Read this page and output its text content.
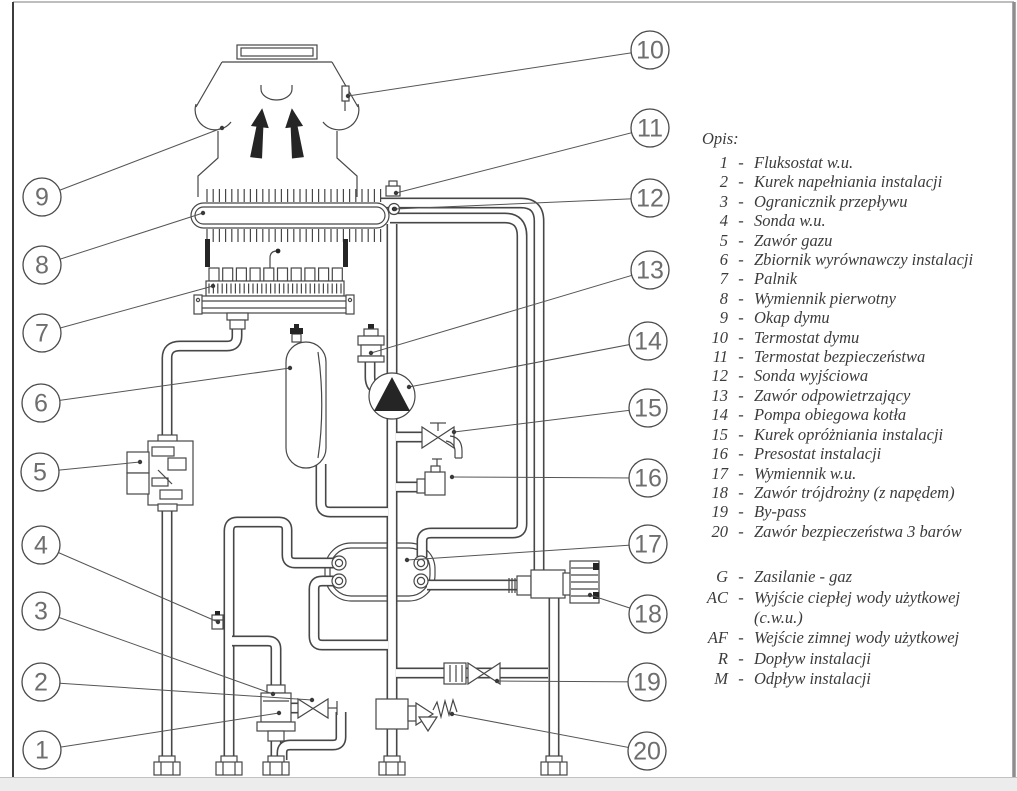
1
2
3
4
5
6
7
8
9
10
11
12
13
14
15
16
17
18
19
20
Opis:
1 - Fluksostat w.u.
2 - Kurek napełniania instalacji
3 - Ogranicznik przepływu
4 - Sonda w.u.
5 - Zawór gazu
6 - Zbiornik wyrównawczy instalacji
7 - Palnik
8 - Wymiennik pierwotny
9 - Okap dymu
10 - Termostat dymu
11 - Termostat bezpieczeństwa
12 - Sonda wyjściowa
13 - Zawór odpowietrzający
14 - Pompa obiegowa kotła
15 - Kurek opróżniania instalacji
16 - Presostat instalacji
17 - Wymiennik w.u.
18 - Zawór trójdrożny (z napędem)
19 - By-pass
20 - Zawór bezpieczeństwa 3 barów
G - Zasilanie - gaz
AC - Wyjście ciepłej wody użytkowej
(c.w.u.)
AF - Wejście zimnej wody użytkowej
R - Dopływ instalacji
M - Odpływ instalacji
